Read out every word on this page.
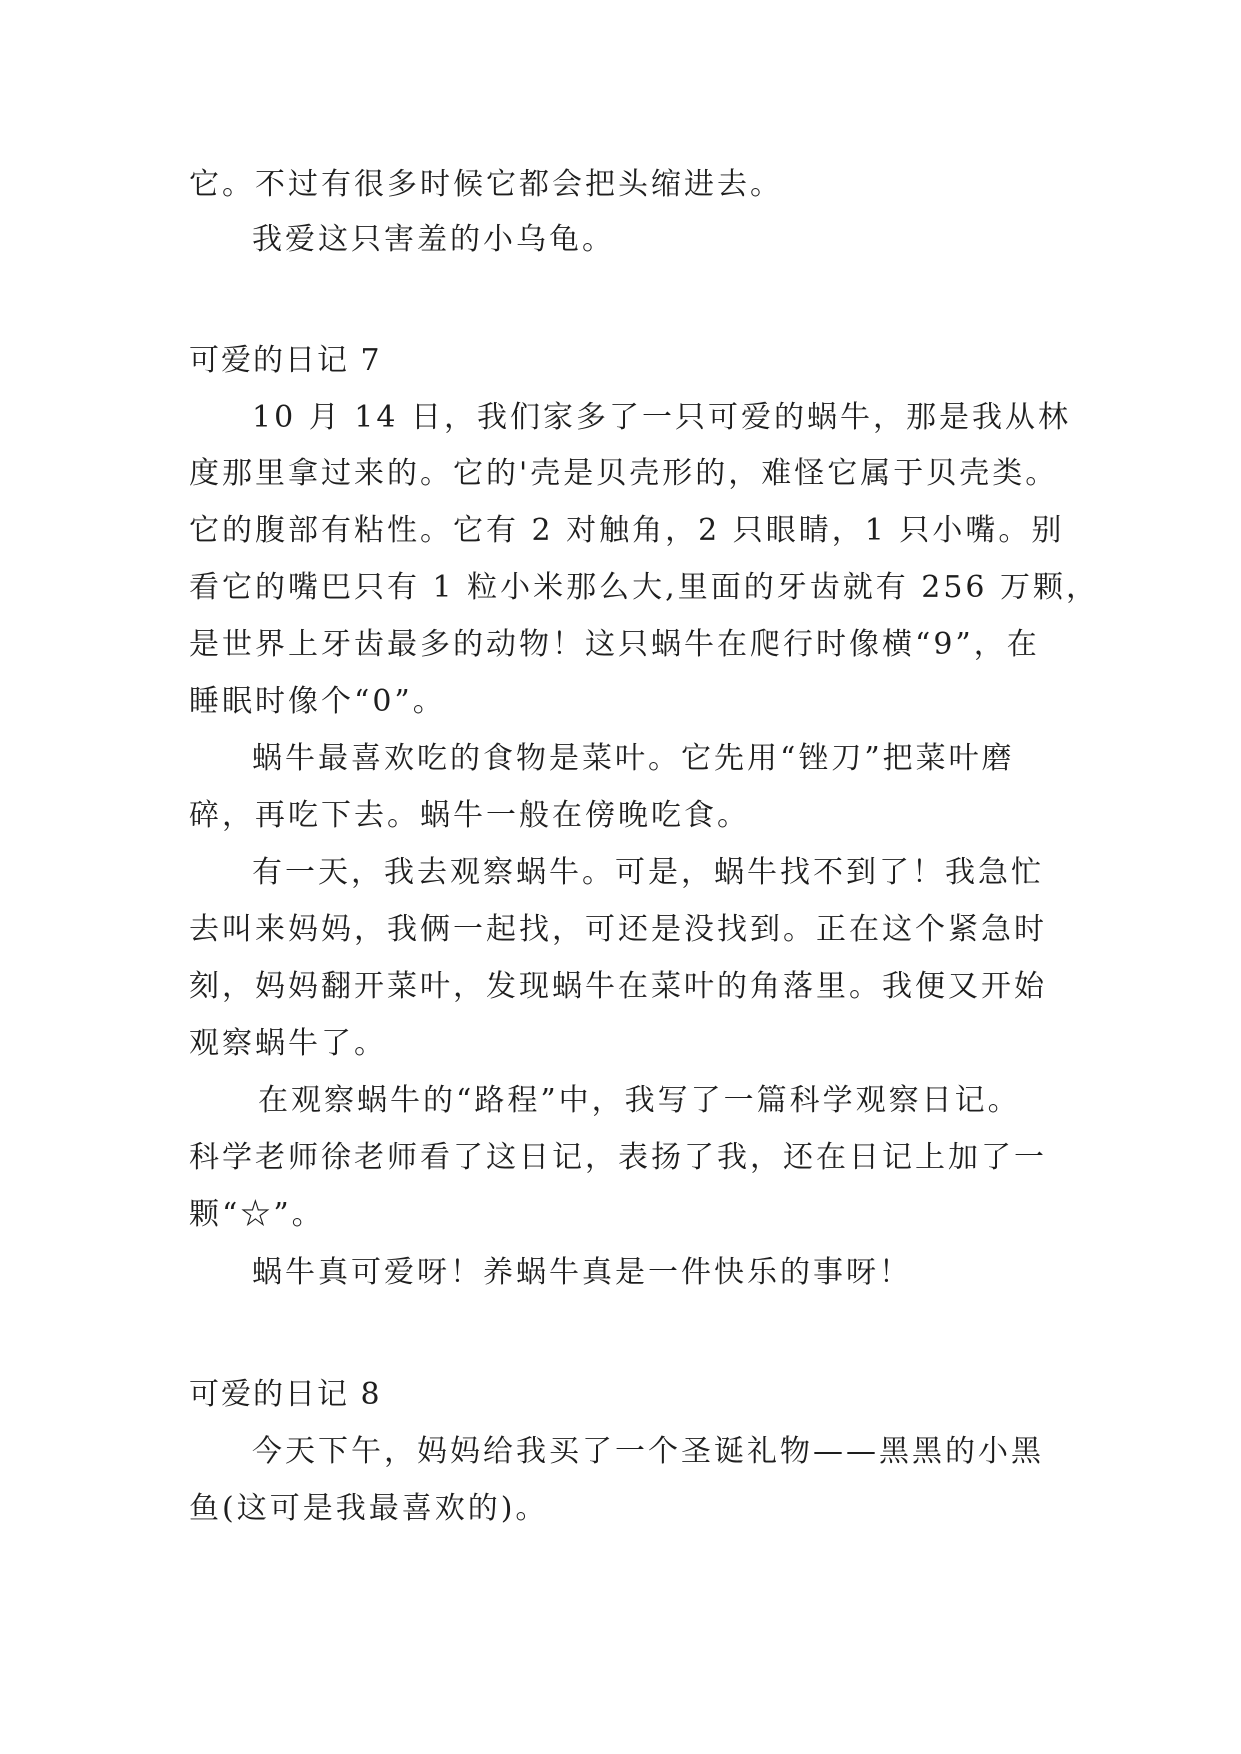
它。不过有很多时候它都会把头缩进去。
我爱这只害羞的小乌龟。
可爱的日记 7
10 月 14 日，我们家多了一只可爱的蜗牛，那是我从林
度那里拿过来的。它的'壳是贝壳形的，难怪它属于贝壳类。
它的腹部有粘性。它有 2 对触角，2 只眼睛，1 只小嘴。别
看它的嘴巴只有 1 粒小米那么大,里面的牙齿就有 256 万颗，
是世界上牙齿最多的动物！这只蜗牛在爬行时像横“9”，在
睡眠时像个“0”。
蜗牛最喜欢吃的食物是菜叶。它先用“锉刀”把菜叶磨
碎，再吃下去。蜗牛一般在傍晚吃食。
有一天，我去观察蜗牛。可是，蜗牛找不到了！我急忙
去叫来妈妈，我俩一起找，可还是没找到。正在这个紧急时
刻，妈妈翻开菜叶，发现蜗牛在菜叶的角落里。我便又开始
观察蜗牛了。
在观察蜗牛的“路程”中，我写了一篇科学观察日记。
科学老师徐老师看了这日记，表扬了我，还在日记上加了一
颗“☆”。
蜗牛真可爱呀！养蜗牛真是一件快乐的事呀！
可爱的日记 8
今天下午，妈妈给我买了一个圣诞礼物——黑黑的小黑
鱼(这可是我最喜欢的)。
